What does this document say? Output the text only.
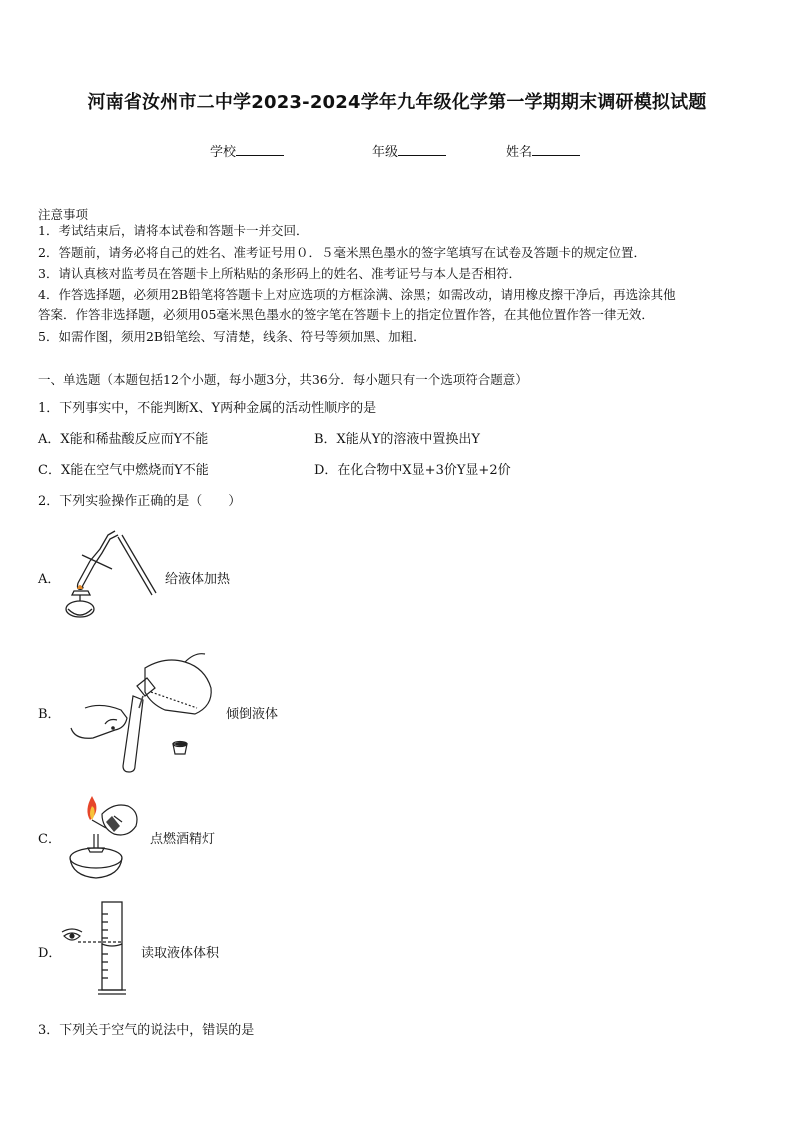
河南省汝州市二中学2023-2024学年九年级化学第一学期期末调研模拟试题
学校	年级	姓名
注意事项
1．考试结束后，请将本试卷和答题卡一并交回．
2．答题前，请务必将自己的姓名、准考证号用０．５毫米黑色墨水的签字笔填写在试卷及答题卡的规定位置．
3．请认真核对监考员在答题卡上所粘贴的条形码上的姓名、准考证号与本人是否相符．
4．作答选择题，必须用2B铅笔将答题卡上对应选项的方框涂满、涂黑；如需改动，请用橡皮擦干净后，再选涂其他
答案．作答非选择题，必须用05毫米黑色墨水的签字笔在答题卡上的指定位置作答，在其他位置作答一律无效．
5．如需作图，须用2B铅笔绘、写清楚，线条、符号等须加黑、加粗．
一、单选题（本题包括12个小题，每小题3分，共36分．每小题只有一个选项符合题意）
1．下列事实中，不能判断X、Y两种金属的活动性顺序的是
A．X能和稀盐酸反应而Y不能	B．X能从Y的溶液中置换出Y
C．X能在空气中燃烧而Y不能	D．在化合物中X显+3价Y显+2价
2．下列实验操作正确的是（　　）
A．	给液体加热
B．	倾倒液体
C．	点燃酒精灯
D．	读取液体体积
3．下列关于空气的说法中，错误的是
